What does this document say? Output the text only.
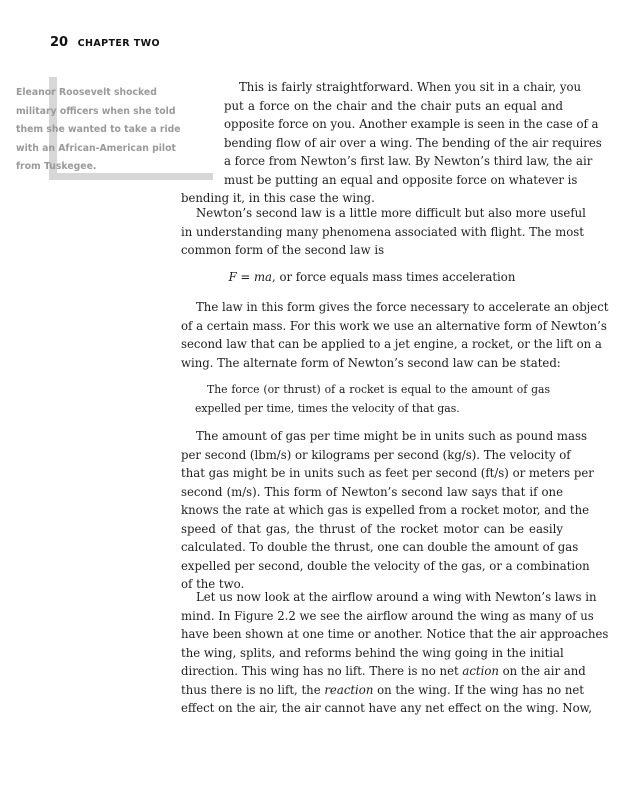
20 CHAPTER TWO
Eleanor Roosevelt shocked
military officers when she told
them she wanted to take a ride
with an African-American pilot
from Tuskegee.
This is fairly straightforward. When you sit in a chair, you
put a force on the chair and the chair puts an equal and
opposite force on you. Another example is seen in the case of a
bending flow of air over a wing. The bending of the air requires
a force from Newton’s first law. By Newton’s third law, the air
must be putting an equal and opposite force on whatever is
bending it, in this case the wing.
Newton’s second law is a little more difficult but also more useful
in understanding many phenomena associated with flight. The most
common form of the second law is
F = ma, or force equals mass times acceleration
The law in this form gives the force necessary to accelerate an object
of a certain mass. For this work we use an alternative form of Newton’s
second law that can be applied to a jet engine, a rocket, or the lift on a
wing. The alternate form of Newton’s second law can be stated:
The force (or thrust) of a rocket is equal to the amount of gas
expelled per time, times the velocity of that gas.
The amount of gas per time might be in units such as pound mass
per second (lbm/s) or kilograms per second (kg/s). The velocity of
that gas might be in units such as feet per second (ft/s) or meters per
second (m/s). This form of Newton’s second law says that if one
knows the rate at which gas is expelled from a rocket motor, and the
speed of that gas, the thrust of the rocket motor can be easily
calculated. To double the thrust, one can double the amount of gas
expelled per second, double the velocity of the gas, or a combination
of the two.
Let us now look at the airflow around a wing with Newton’s laws in
mind. In Figure 2.2 we see the airflow around the wing as many of us
have been shown at one time or another. Notice that the air approaches
the wing, splits, and reforms behind the wing going in the initial
direction. This wing has no lift. There is no net action on the air and
thus there is no lift, the reaction on the wing. If the wing has no net
effect on the air, the air cannot have any net effect on the wing. Now,
